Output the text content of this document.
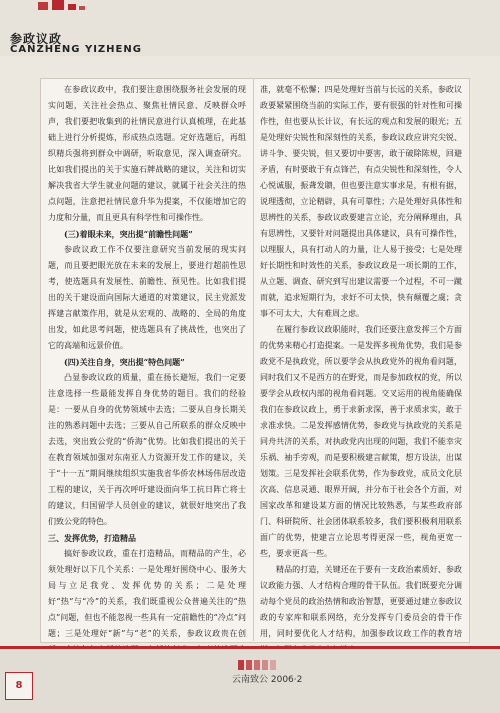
参政议政
CANZHENG YIZHENG

在参政议政中，我们要注意围绕服务社会发展的现实问题，关注社会热点、聚焦社情民意、反映群众呼声，我们要把收集到的社情民意进行认真梳理，在此基础上进行分析提炼，形成热点选题。定好选题后，再组织精兵强将到群众中调研，听取意见，深入调查研究。比如我们提出的关于实施石牌战略的建议，关注和切实解决我省大学生就业问题的建议，就属于社会关注的热点问题，注意把社情民意升华为提案，不仅能增加它的力度和分量，而且更具有科学性和可操作性。

(三)着眼未来，突出提“前瞻性问题”

参政议政工作不仅要注意研究当前发展的现实问题，而且要把眼光放在未来的发展上，要进行超前性思考，使选题具有发展性、前瞻性、预见性。比如我们提出的关于建设面向国际大通道的对策建议，民主党派发挥建言献策作用，就是从宏观的、战略的、全局的角度出发，如此思考问题，使选题具有了挑战性，也突出了它的高端和远景价值。

(四)关注自身，突出提“特色问题”

凸显参政议政的质量，重在扬长避短，我们一定要注意选择一些最能发挥自身优势的题目。我们的经验是：一要从自身的优势领域中去选；二要从自身长期关注的熟悉问题中去选；三要从自己所联系的群众反映中去选，突出致公党的“侨海”优势。比如我们提出的关于在教育领域加强对东南亚人力资源开发工作的建议，关于“十一五”期间继续组织实施我省华侨农林场伟居改造工程的建议，关于再次呼吁建设面向华工抗日阵亡将士的建议，归国留学人员创业的建议，就很好地突出了我们致公党的特色。

三、发挥优势，打造精品

搞好参政议政，重在打造精品，而精品的产生，必须处理好以下几个关系：一是处理好围绕中心、服务大局与立足我党、发挥优势的关系；二是处理好“热”与“冷”的关系，我们既重视公众普遍关注的“热点”问题，但也不能忽视一些具有一定前瞻性的“冷点”问题；三是处理好“新”与“老”的关系，参政议政贵在创

准，就毫不松懈；四是处理好当前与长远的关系，参政议政要紧紧围绕当前的实际工作，要有很强的针对性和可操作性，但也要从长计议，有长远的观点和发展的眼光；五是处理好尖锐性和深刻性的关系，参政议政应讲究尖锐、讲斗争、要尖锐，但又要切中要害，敢于破除陈规，回避矛盾，有时要敢于有点锋芒，有点尖锐性和深刻性，令人心悦诚服，振聋发聩，但也要注意实事求是，有根有据，说理透彻，立论精辟，具有可靠性；六是处理好具体性和思辨性的关系，参政议政要建言立论，充分阐释理由，具有思辨性，又要针对问题提出具体建议，具有可操作性，以理服人，具有打动人的力量，让人易于接受；七是处理好长期性和时效性的关系，参政议政是一项长期的工作，从立题、调查、研究到写出建议需要一个过程，不可一蹴而就，追求短期行为，求好不可太快，快有颠覆之虞；贪事不可太大，大有难周之虑。

在履行参政议政职能时，我们还要注意发挥三个方面的优势来精心打造提案。一是发挥多视角优势，我们是参政党不是执政党，所以要学会从执政党外的视角看问题，同时我们又不是西方的在野党，而是参加政权的党，所以要学会从政权内部的视角看问题。交叉运用的视角能确保我们在参政议政上，勇于求新求深，善于求质求实，敢于求准求快。二是发挥感情优势，参政党与执政党的关系是同舟共济的关系，对执政党内出现的问题，我们不能幸灾乐祸、袖手旁观，而是要积极建言献策，想方设法，出谋划策。三是发挥社会联系优势，作为参政党，成员文化层次高、信息灵通、眼界开阔，并分布于社会各个方面，对国家改革和建设某方面的情况比较熟悉，与某些政府部门、科研院所、社会团体联系较多，我们要积极利用联系面广的优势，使建言立论思考得更深一些，视角更宽一些，要求更高一些。

精品的打造，关键还在于要有一支政治素质好、参政议政能力强、人才结构合理的骨干队伍。我们既要充分调动每个党员的政治热情和政治智慧，更要通过建立参政议政的专家库和联系网络，充分发挥专门委员会的骨干作用，同时要优化人才结构，加强参政议政工作的教育培

8	云南致公 2006·2
